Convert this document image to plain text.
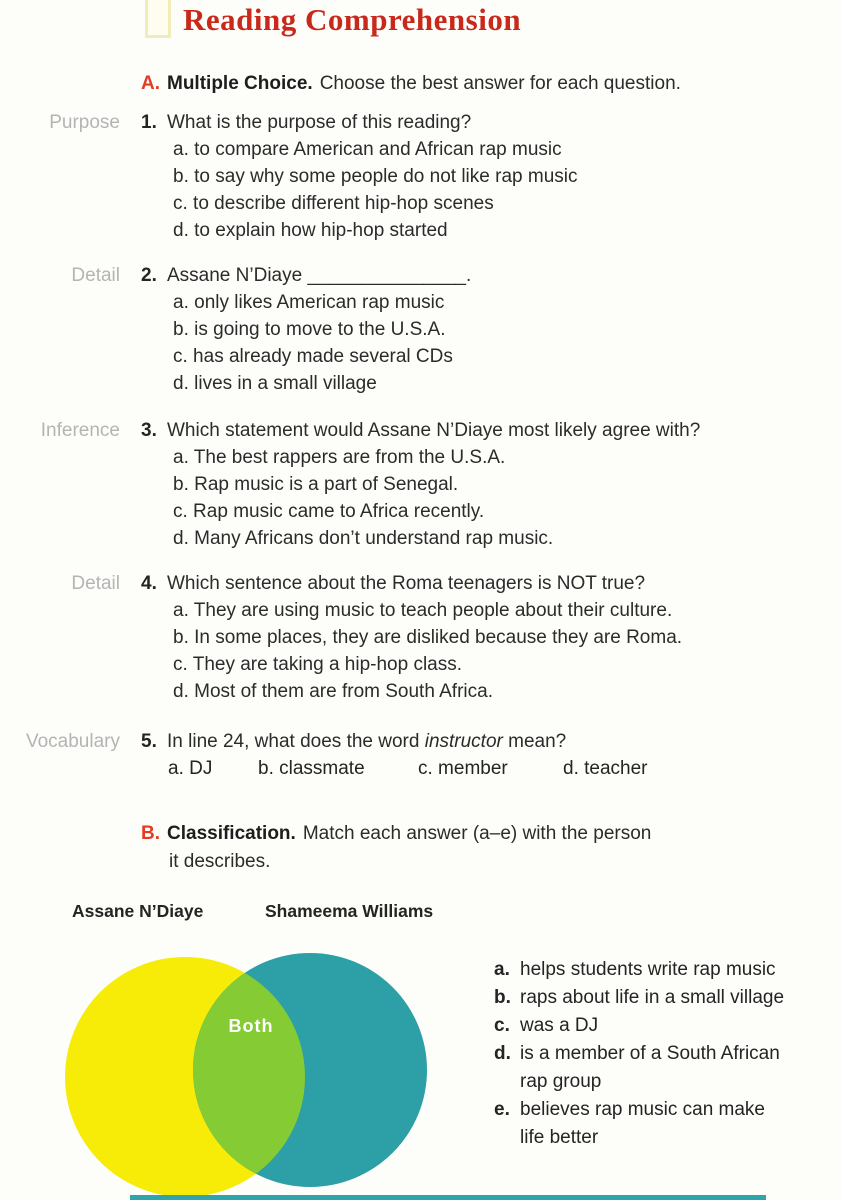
Reading Comprehension
A. Multiple Choice. Choose the best answer for each question.
Purpose 1. What is the purpose of this reading?
a. to compare American and African rap music
b. to say why some people do not like rap music
c. to describe different hip-hop scenes
d. to explain how hip-hop started
Detail 2. Assane N’Diaye _______________.
a. only likes American rap music
b. is going to move to the U.S.A.
c. has already made several CDs
d. lives in a small village
Inference 3. Which statement would Assane N’Diaye most likely agree with?
a. The best rappers are from the U.S.A.
b. Rap music is a part of Senegal.
c. Rap music came to Africa recently.
d. Many Africans don’t understand rap music.
Detail 4. Which sentence about the Roma teenagers is NOT true?
a. They are using music to teach people about their culture.
b. In some places, they are disliked because they are Roma.
c. They are taking a hip-hop class.
d. Most of them are from South Africa.
Vocabulary 5. In line 24, what does the word instructor mean?
a. DJ b. classmate	c. member	d. teacher
B. Classification. Match each answer (a–e) with the person
it describes.
Assane N’Diaye	Shameema Williams
Both
a. helps students write rap music
b. raps about life in a small village
c. was a DJ
d. is a member of a South African
rap group
e. believes rap music can make
life better
